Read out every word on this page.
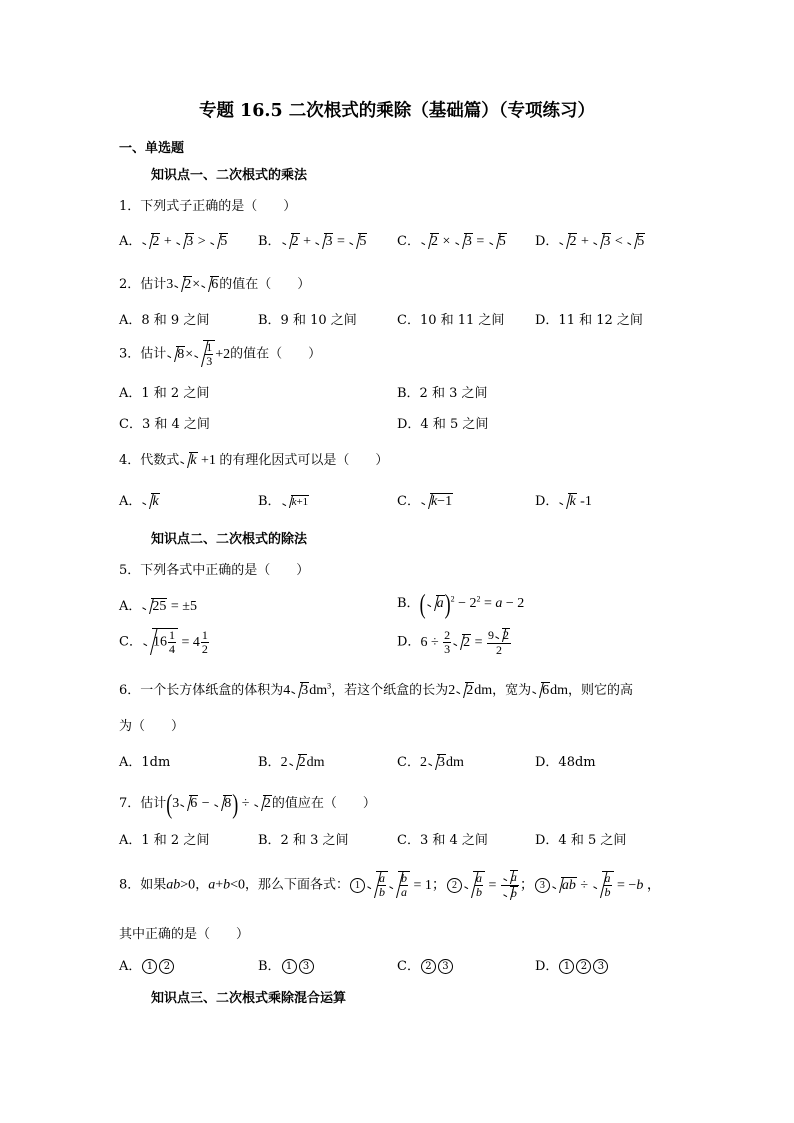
专题 16.5 二次根式的乘除（基础篇）（专项练习）
一、单选题
知识点一、二次根式的乘法
1．下列式子正确的是（　　）
A． 2 +
3 >
5 B． 2 +
3 =
5 C． 2 ×
3 =
5 D． 2 +
3 <
5
2．估计3 2× 6的值在（　　）
A．8 和 9 之间	B．9 和 10 之间	C．10 和 11 之间 D．11 和 12 之间
3．估计 $8\times \frac{1}{3} +2$的值在（　　）
A．1 和 2 之间	B．2 和 3 之间
C．3 和 4 之间	D．4 和 5 之间
4．代数式 k +1 的有理化因式可以是（　　）
A． k	B． k+1	C． k−1	D． k -1
知识点二、二次根式的除法
5．下列各式中正确的是（　　）
A． 25 = ±5	B．( $a)^2 - 2^2 = a - 2$
C． $16 \frac{1}{4} = 4 \frac{1}{2}$	D．$6 \div \frac{2}{3} 2 = \frac{9 2}{2}$
6．一个长方体纸盒的体积为4 $3dm^3$，若这个纸盒的长为2 2dm，宽为 6dm，则它的高
为（　　）
A．1dm	B．2 2dm	C．2 3dm	D．48dm
7．估计(3 6 −
8) ÷
2的值应在（　　）
A．1 和 2 之间	B．2 和 3 之间	C．3 和 4 之间	D．4 和 5 之间
8．如果ab>0，a+b<0，那么下面各式： $1 \frac{a}{b} \frac{b}{a} = 1$； $2 \frac{a}{b} = \frac{a}{b}$ ； 3 ab ÷ $\frac{a}{b} = -b$ ，
其中正确的是（　　）
A． 1 2	B． 1 3	C． 2 3	D． 1 2 3
知识点三、二次根式乘除混合运算
